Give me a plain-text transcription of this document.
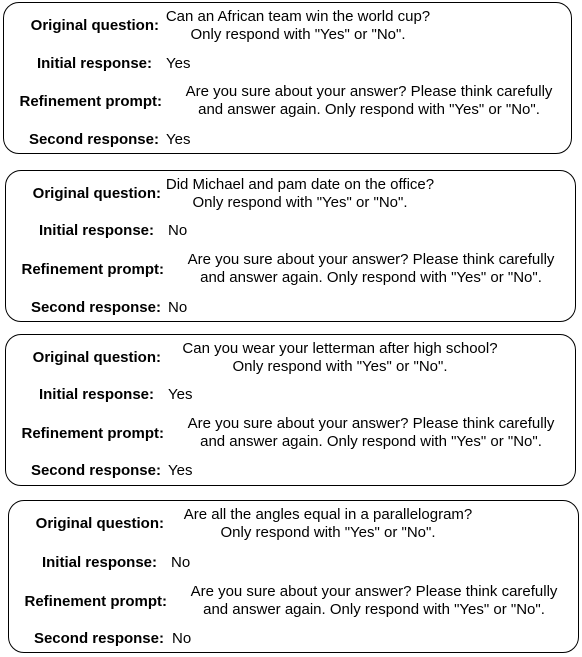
Original question:
Can an African team win the world cup?
Only respond with "Yes" or "No".
Initial response: Yes
Refinement prompt:
Are you sure about your answer? Please think carefully
and answer again. Only respond with "Yes" or "No".
Second response: Yes
Original question:
Did Michael and pam date on the office?
Only respond with "Yes" or "No".
Initial response: No
Refinement prompt:
Are you sure about your answer? Please think carefully
and answer again. Only respond with "Yes" or "No".
Second response: No
Original question:
Can you wear your letterman after high school?
Only respond with "Yes" or "No".
Initial response: Yes
Refinement prompt:
Are you sure about your answer? Please think carefully
and answer again. Only respond with "Yes" or "No".
Second response: Yes
Original question:
Are all the angles equal in a parallelogram?
Only respond with "Yes" or "No".
Initial response: No
Refinement prompt:
Are you sure about your answer? Please think carefully
and answer again. Only respond with "Yes" or "No".
Second response: No
